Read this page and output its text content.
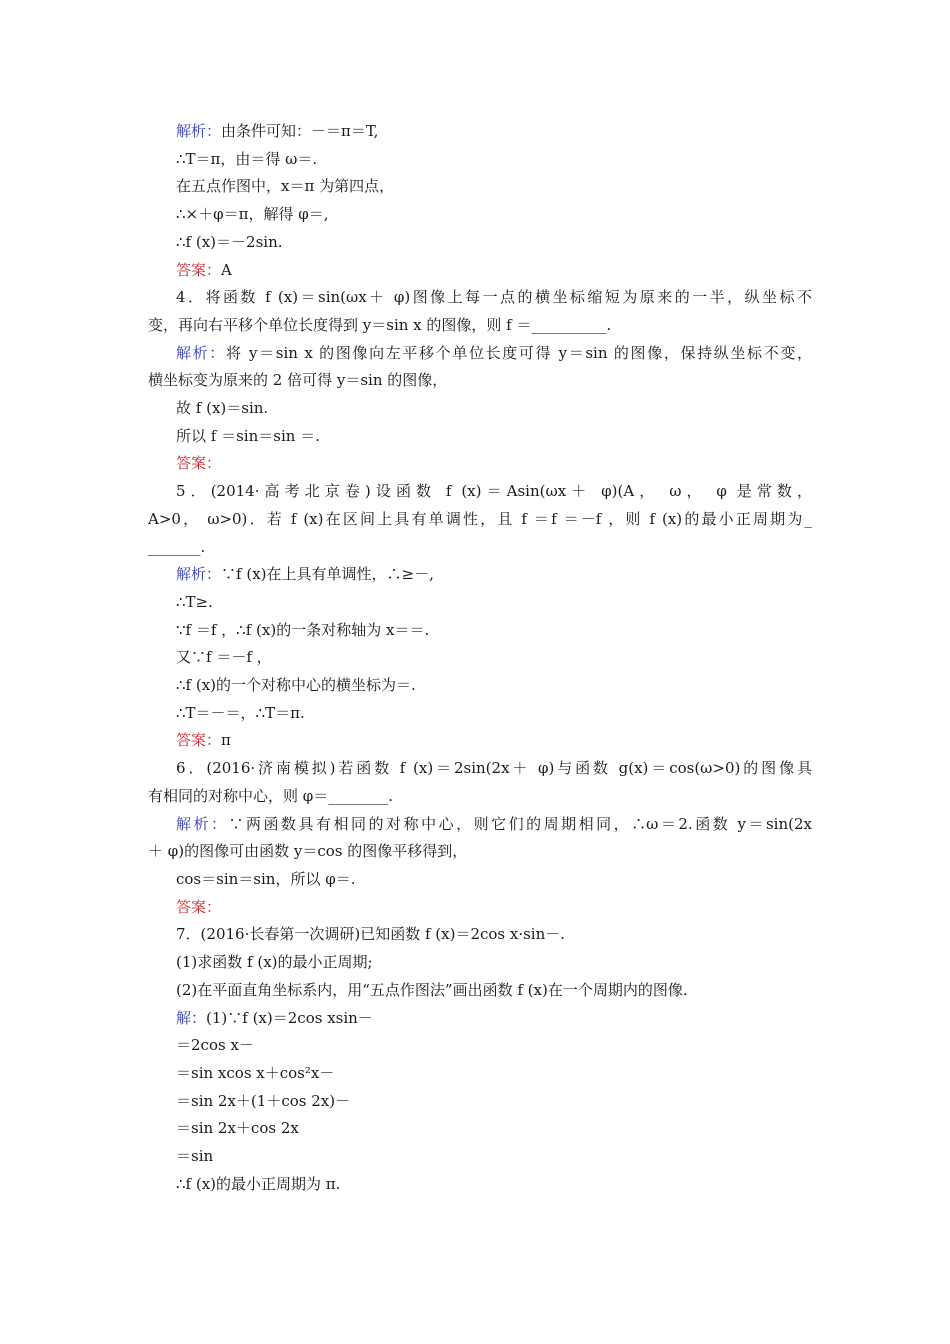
解析：由条件可知：－＝π＝T,
∴T＝π，由＝得 ω＝.
在五点作图中，x＝π 为第四点，
∴×＋φ＝π，解得 φ＝,
∴f (x)＝－2sin.
答案：A
4．将函数 f (x)＝sin(ωx＋ φ)图像上每一点的横坐标缩短为原来的一半，纵坐标不
变，再向右平移个单位长度得到 y＝sin x 的图像，则 f ＝__________.
解析：将 y＝sin x 的图像向左平移个单位长度可得 y＝sin 的图像，保持纵坐标不变，
横坐标变为原来的 2 倍可得 y＝sin 的图像，
故 f (x)＝sin.
所以 f ＝sin＝sin ＝.
答案：
5．(2014·高考北京卷)设函数 f (x)＝Asin(ωx＋ φ)(A， ω， φ 是常数，
A>0， ω>0)．若 f (x)在区间上具有单调性，且 f ＝f ＝－f ，则 f (x)的最小正周期为_
_______.
解析：∵f (x)在上具有单调性，∴≥－,
∴T≥.
∵f ＝f ，∴f (x)的一条对称轴为 x＝＝.
又∵f ＝－f ，
∴f (x)的一个对称中心的横坐标为＝.
∴T＝－＝，∴T＝π.
答案：π
6．(2016·济南模拟)若函数 f (x)＝2sin(2x＋ φ)与函数 g(x)＝cos(ω>0)的图像具
有相同的对称中心，则 φ＝________.
解析：∵两函数具有相同的对称中心，则它们的周期相同，∴ω＝2.函数 y＝sin(2x
＋ φ)的图像可由函数 y＝cos 的图像平移得到，
cos＝sin＝sin，所以 φ＝.
答案：
7．(2016·长春第一次调研)已知函数 f (x)＝2cos x·sin－.
(1)求函数 f (x)的最小正周期;
(2)在平面直角坐标系内，用“五点作图法”画出函数 f (x)在一个周期内的图像.
解：(1)∵f (x)＝2cos xsin－
＝2cos x－
＝sin xcos x＋cos²x－
＝sin 2x＋(1＋cos 2x)－
＝sin 2x＋cos 2x
＝sin
∴f (x)的最小正周期为 π.
